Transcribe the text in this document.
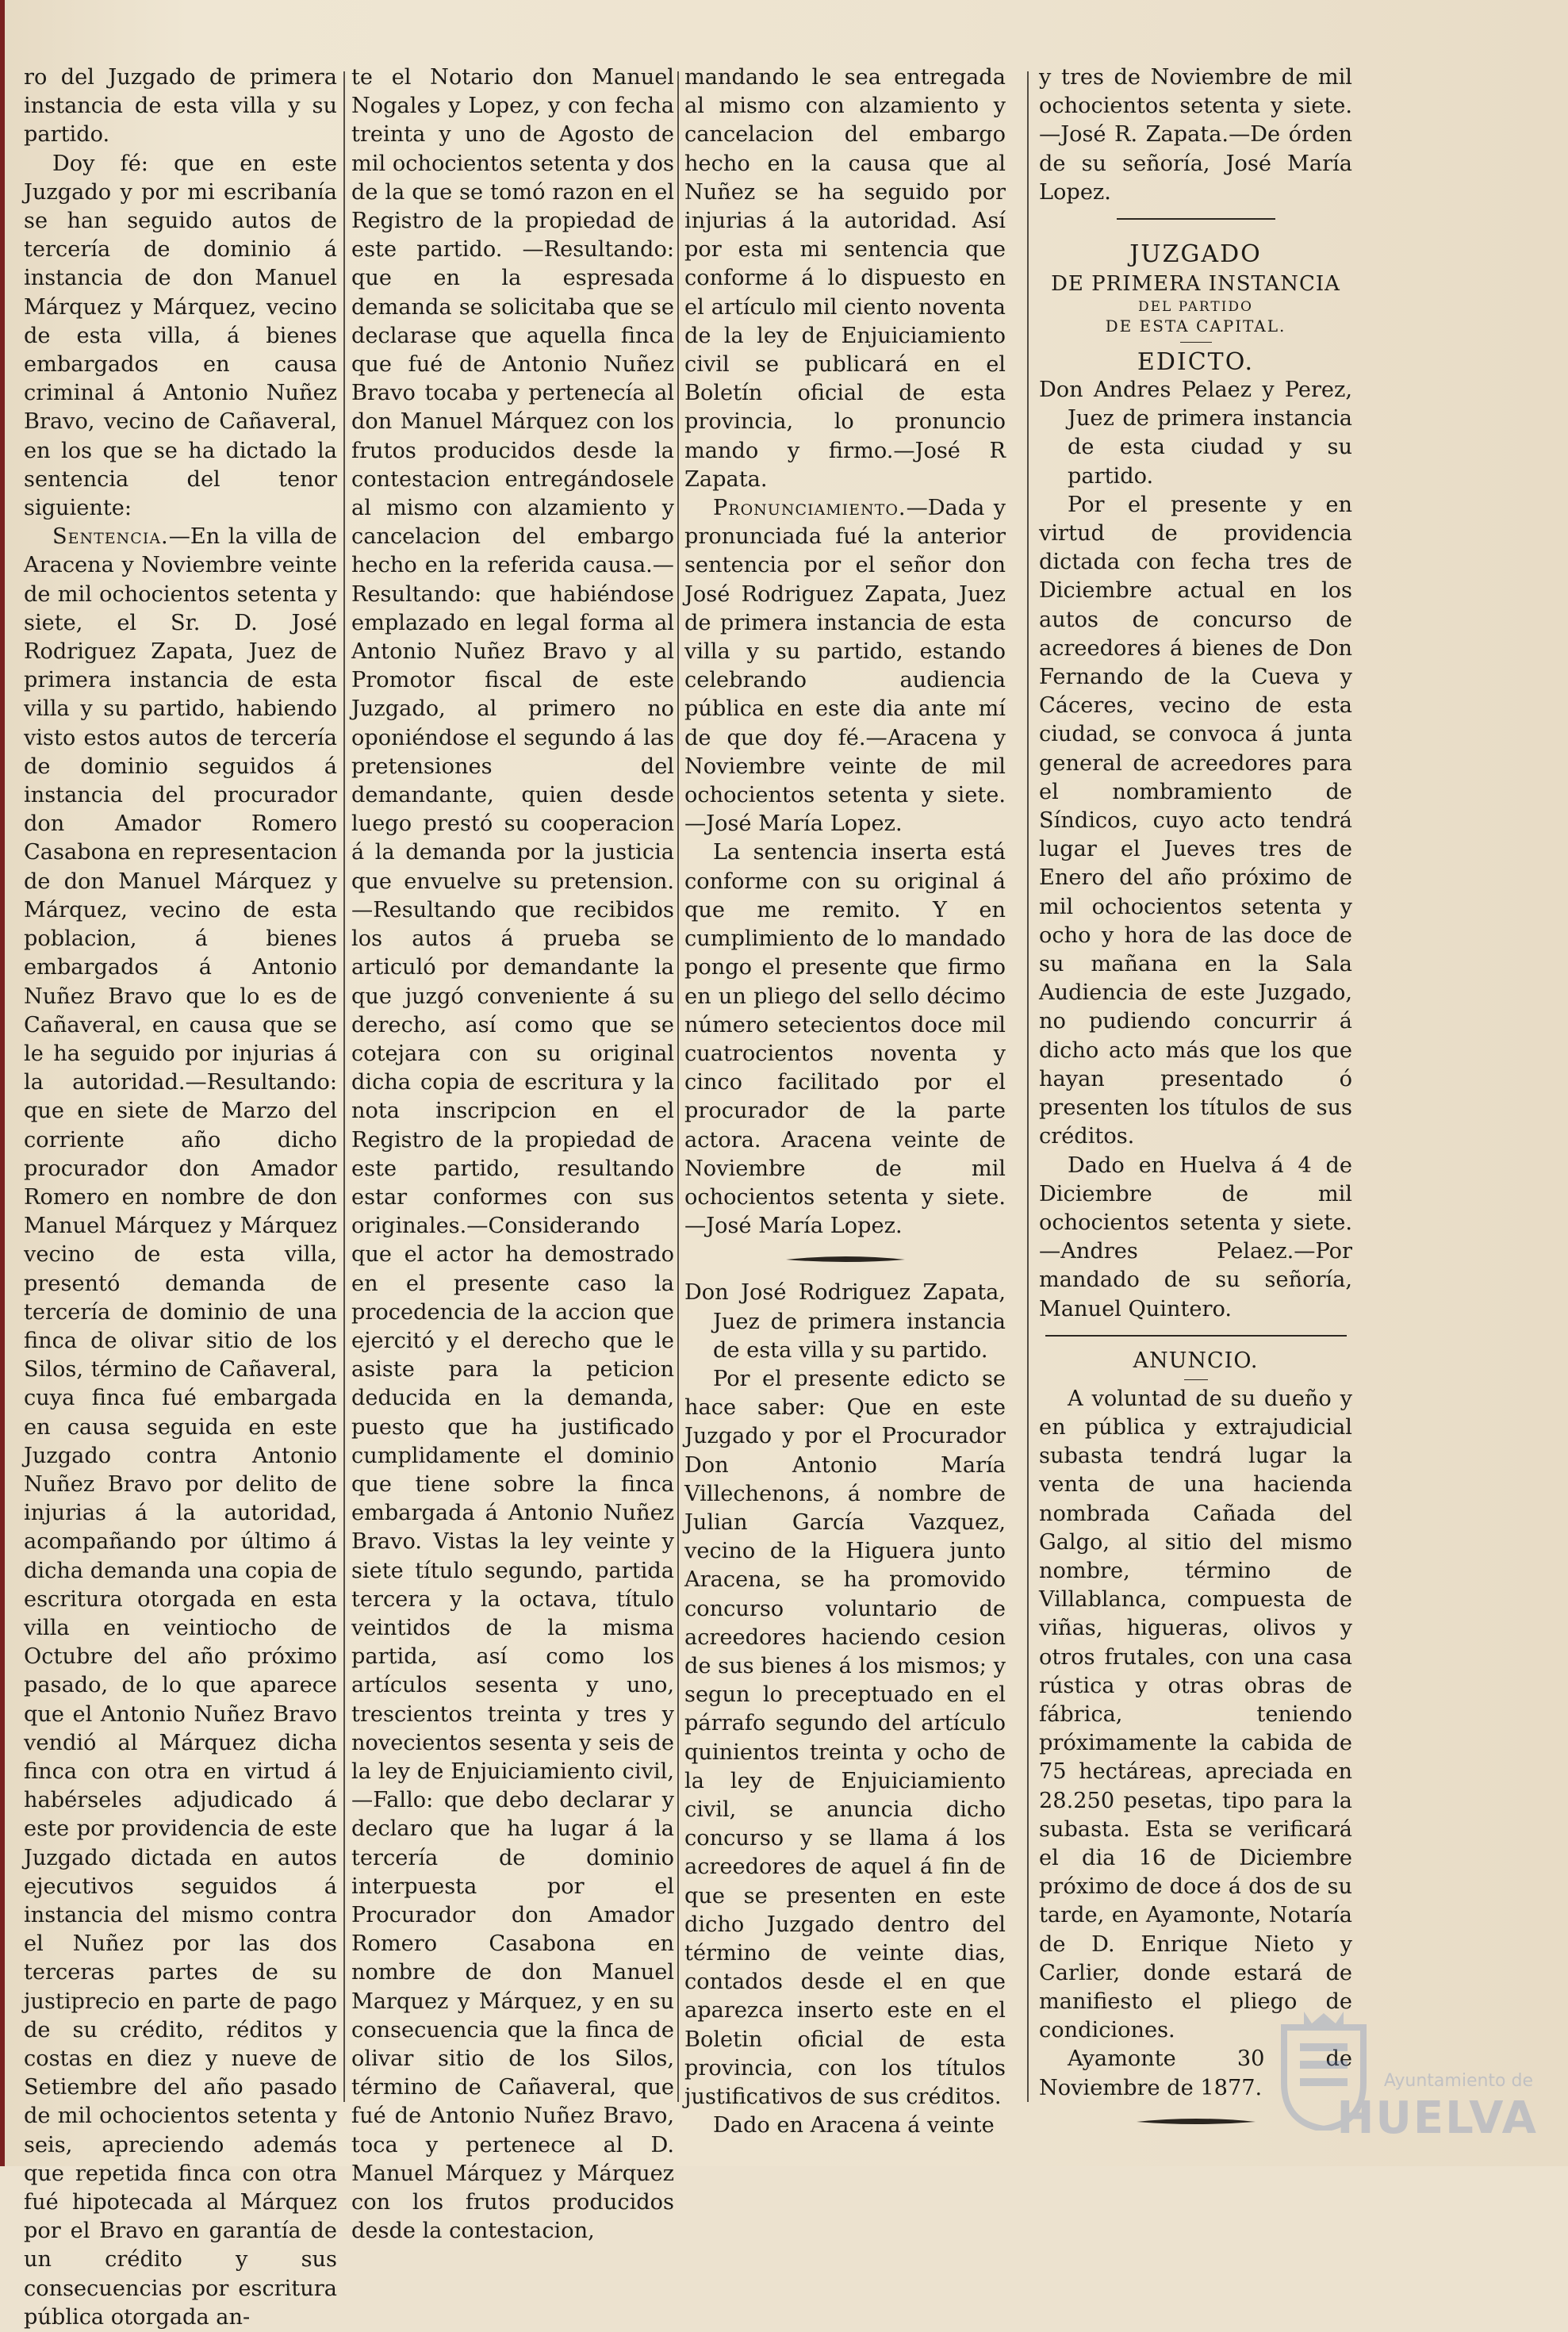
ro del Juzgado de primera instancia de esta villa y su partido.

Doy fé: que en este Juzgado y por mi escribanía se han seguido autos de tercería de dominio á instancia de don Manuel Márquez y Márquez, vecino de esta villa, á bienes embargados en causa criminal á Antonio Nuñez Bravo, vecino de Cañaveral, en los que se ha dictado la sentencia del tenor siguiente:

Sentencia.—En la villa de Aracena y Noviembre veinte de mil ochocientos setenta y siete, el Sr. D. José Rodriguez Zapata, Juez de primera instancia de esta villa y su partido, habiendo visto estos autos de tercería de dominio seguidos á instancia del procurador don Amador Romero Casabona en representacion de don Manuel Márquez y Márquez, vecino de esta poblacion, á bienes embargados á Antonio Nuñez Bravo que lo es de Cañaveral, en causa que se le ha seguido por injurias á la autoridad.—Resultando: que en siete de Marzo del corriente año dicho procurador don Amador Romero en nombre de don Manuel Márquez y Márquez vecino de esta villa, presentó demanda de tercería de dominio de una finca de olivar sitio de los Silos, término de Cañaveral, cuya finca fué embargada en causa seguida en este Juzgado contra Antonio Nuñez Bravo por delito de injurias á la autoridad, acompañando por último á dicha demanda una copia de escritura otorgada en esta villa en veintiocho de Octubre del año próximo pasado, de lo que aparece que el Antonio Nuñez Bravo vendió al Márquez dicha finca con otra en virtud á habérseles adjudicado á este por providencia de este Juzgado dictada en autos ejecutivos seguidos á instancia del mismo contra el Nuñez por las dos terceras partes de su justiprecio en parte de pago de su crédito, réditos y costas en diez y nueve de Setiembre del año pasado de mil ochocientos setenta y seis, apreciendo además que repetida finca con otra fué hipotecada al Márquez por el Bravo en garantía de un crédito y sus consecuencias por escritura pública otorgada an-

te el Notario don Manuel Nogales y Lopez, y con fecha treinta y uno de Agosto de mil ochocientos setenta y dos de la que se tomó razon en el Registro de la propiedad de este partido. —Resultando: que en la espresada demanda se solicitaba que se declarase que aquella finca que fué de Antonio Nuñez Bravo tocaba y pertenecía al don Manuel Márquez con los frutos producidos desde la contestacion entregándosele al mismo con alzamiento y cancelacion del embargo hecho en la referida causa.—Resultando: que habiéndose emplazado en legal forma al Antonio Nuñez Bravo y al Promotor fiscal de este Juzgado, al primero no oponiéndose el segundo á las pretensiones del demandante, quien desde luego prestó su cooperacion á la demanda por la justicia que envuelve su pretension.—Resultando que recibidos los autos á prueba se articuló por demandante la que juzgó conveniente á su derecho, así como que se cotejara con su original dicha copia de escritura y la nota inscripcion en el Registro de la propiedad de este partido, resultando estar conformes con sus originales.—Considerando que el actor ha demostrado en el presente caso la procedencia de la accion que ejercitó y el derecho que le asiste para la peticion deducida en la demanda, puesto que ha justificado cumplidamente el dominio que tiene sobre la finca embargada á Antonio Nuñez Bravo. Vistas la ley veinte y siete título segundo, partida tercera y la octava, título veintidos de la misma partida, así como los artículos sesenta y uno, trescientos treinta y tres y novecientos sesenta y seis de la ley de Enjuiciamiento civil, —Fallo: que debo declarar y declaro que ha lugar á la tercería de dominio interpuesta por el Procurador don Amador Romero Casabona en nombre de don Manuel Marquez y Márquez, y en su consecuencia que la finca de olivar sitio de los Silos, término de Cañaveral, que fué de Antonio Nuñez Bravo, toca y pertenece al D. Manuel Márquez y Márquez con los frutos producidos desde la contestacion,

mandando le sea entregada al mismo con alzamiento y cancelacion del embargo hecho en la causa que al Nuñez se ha seguido por injurias á la autoridad. Así por esta mi sentencia que conforme á lo dispuesto en el artículo mil ciento noventa de la ley de Enjuiciamiento civil se publicará en el Boletín oficial de esta provincia, lo pronuncio mando y firmo.—José R Zapata.

Pronunciamiento.—Dada y pronunciada fué la anterior sentencia por el señor don José Rodriguez Zapata, Juez de primera instancia de esta villa y su partido, estando celebrando audiencia pública en este dia ante mí de que doy fé.—Aracena y Noviembre veinte de mil ochocientos setenta y siete.—José María Lopez.

La sentencia inserta está conforme con su original á que me remito. Y en cumplimiento de lo mandado pongo el presente que firmo en un pliego del sello décimo número setecientos doce mil cuatrocientos noventa y cinco facilitado por el procurador de la parte actora. Aracena veinte de Noviembre de mil ochocientos setenta y siete.—José María Lopez.

Don José Rodriguez Zapata, Juez de primera instancia de esta villa y su partido.

Por el presente edicto se hace saber: Que en este Juzgado y por el Procurador Don Antonio María Villechenons, á nombre de Julian García Vazquez, vecino de la Higuera junto Aracena, se ha promovido concurso voluntario de acreedores haciendo cesion de sus bienes á los mismos; y segun lo preceptuado en el párrafo segundo del artículo quinientos treinta y ocho de la ley de Enjuiciamiento civil, se anuncia dicho concurso y se llama á los acreedores de aquel á fin de que se presenten en este dicho Juzgado dentro del término de veinte dias, contados desde el en que aparezca inserto este en el Boletin oficial de esta provincia, con los títulos justificativos de sus créditos.

Dado en Aracena á veinte

y tres de Noviembre de mil ochocientos setenta y siete.—José R. Zapata.—De órden de su señoría, José María Lopez.

JUZGADO
DE PRIMERA INSTANCIA
DEL PARTIDO
DE ESTA CAPITAL.
EDICTO.

Don Andres Pelaez y Perez, Juez de primera instancia de esta ciudad y su partido.

Por el presente y en virtud de providencia dictada con fecha tres de Diciembre actual en los autos de concurso de acreedores á bienes de Don Fernando de la Cueva y Cáceres, vecino de esta ciudad, se convoca á junta general de acreedores para el nombramiento de Síndicos, cuyo acto tendrá lugar el Jueves tres de Enero del año próximo de mil ochocientos setenta y ocho y hora de las doce de su mañana en la Sala Audiencia de este Juzgado, no pudiendo concurrir á dicho acto más que los que hayan presentado ó presenten los títulos de sus créditos.

Dado en Huelva á 4 de Diciembre de mil ochocientos setenta y siete.—Andres Pelaez.—Por mandado de su señoría, Manuel Quintero.

ANUNCIO.

A voluntad de su dueño y en pública y extrajudicial subasta tendrá lugar la venta de una hacienda nombrada Cañada del Galgo, al sitio del mismo nombre, término de Villablanca, compuesta de viñas, higueras, olivos y otros frutales, con una casa rústica y otras obras de fábrica, teniendo próximamente la cabida de 75 hectáreas, apreciada en 28.250 pesetas, tipo para la subasta. Esta se verificará el dia 16 de Diciembre próximo de doce á dos de su tarde, en Ayamonte, Notaría de D. Enrique Nieto y Carlier, donde estará de manifiesto el pliego de condiciones.

Ayamonte 30 de Noviembre de 1877.	Ayuntamiento de
HUELVA
